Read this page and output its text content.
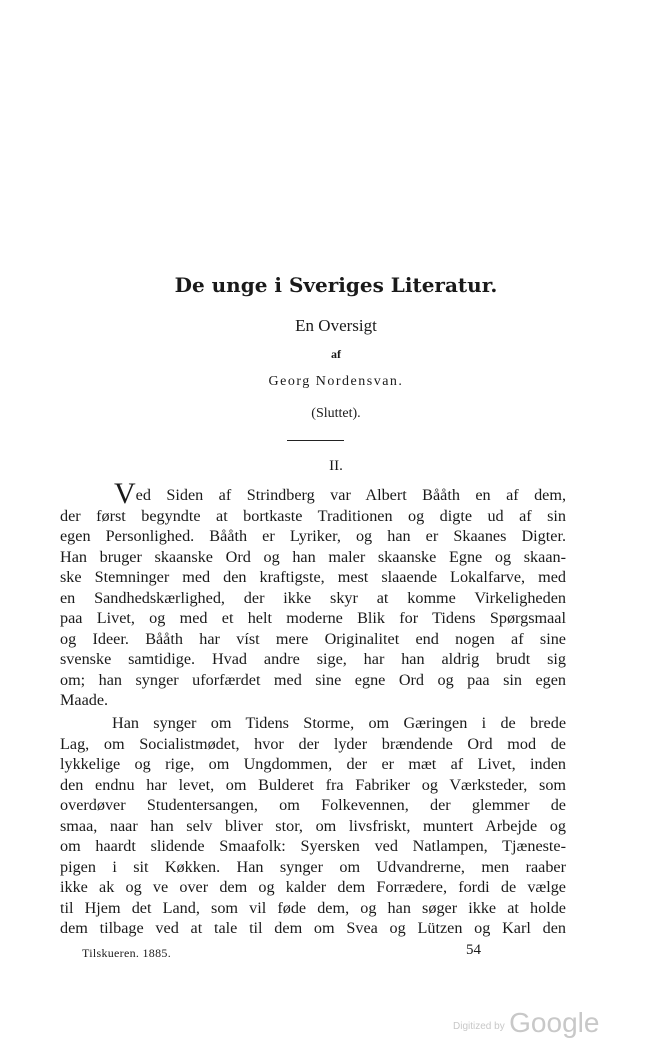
De unge i Sveriges Literatur.
En Oversigt
af
Georg Nordensvan.
(Sluttet).
II.
Ved Siden af Strindberg var Albert Bååth en af dem,
der først begyndte at bortkaste Traditionen og digte ud af sin
egen Personlighed. Bååth er Lyriker, og han er Skaanes Digter.
Han bruger skaanske Ord og han maler skaanske Egne og skaan-
ske Stemninger med den kraftigste, mest slaaende Lokalfarve, med
en Sandhedskærlighed, der ikke skyr at komme Virkeligheden
paa Livet, og med et helt moderne Blik for Tidens Spørgsmaal
og Ideer. Bååth har víst mere Originalitet end nogen af sine
svenske samtidige. Hvad andre sige, har han aldrig brudt sig
om; han synger uforfærdet med sine egne Ord og paa sin egen
Maade.
Han synger om Tidens Storme, om Gæringen i de brede
Lag, om Socialistmødet, hvor der lyder brændende Ord mod de
lykkelige og rige, om Ungdommen, der er mæt af Livet, inden
den endnu har levet, om Bulderet fra Fabriker og Værksteder, som
overdøver Studentersangen, om Folkevennen, der glemmer de
smaa, naar han selv bliver stor, om livsfriskt, muntert Arbejde og
om haardt slidende Smaafolk: Syersken ved Natlampen, Tjæneste-
pigen i sit Køkken. Han synger om Udvandrerne, men raaber
ikke ak og ve over dem og kalder dem Forrædere, fordi de vælge
til Hjem det Land, som vil føde dem, og han søger ikke at holde
dem tilbage ved at tale til dem om Svea og Lützen og Karl den
Tilskueren. 1885.	54
Digitized by Google
